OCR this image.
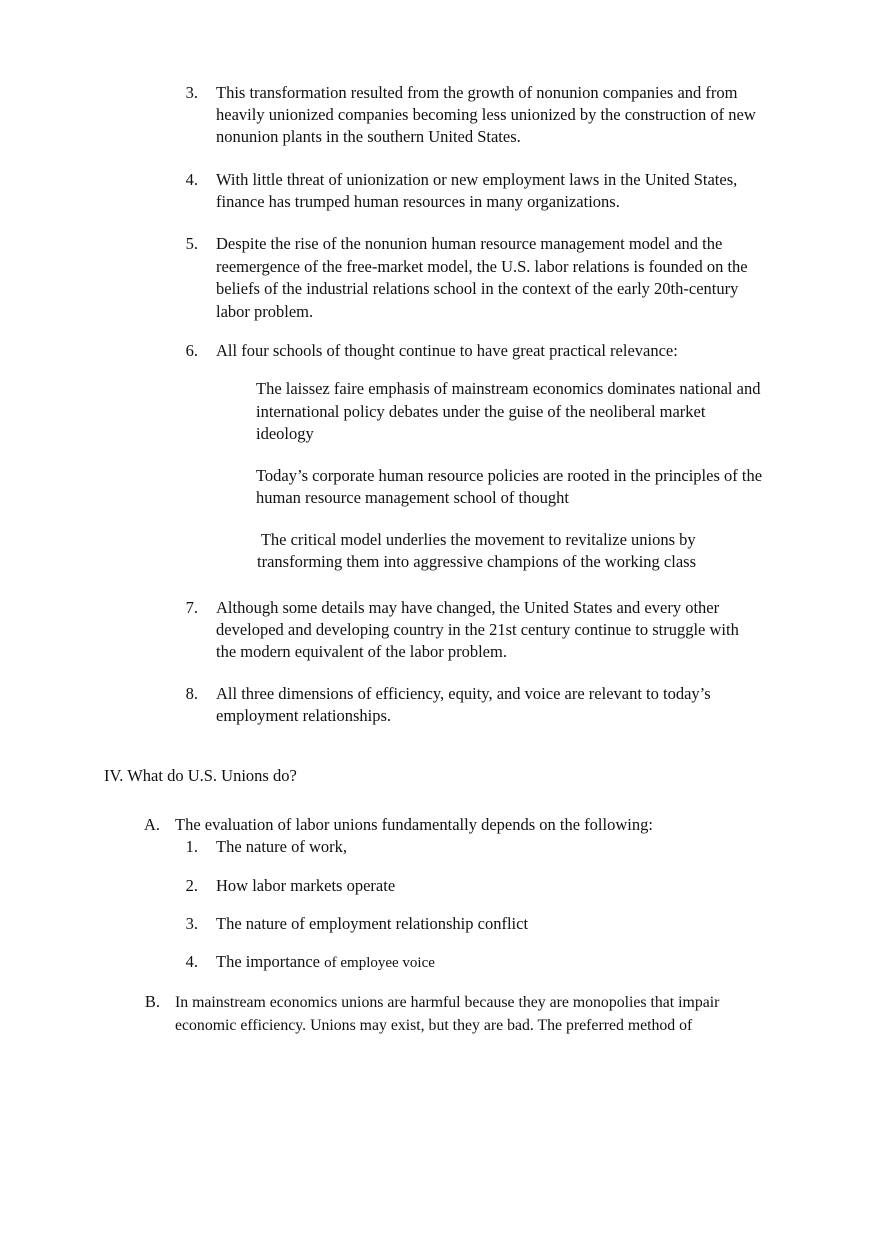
3. This transformation resulted from the growth of nonunion companies and from
heavily unionized companies becoming less unionized by the construction of new
nonunion plants in the southern United States.
4. With little threat of unionization or new employment laws in the United States,
finance has trumped human resources in many organizations.
5. Despite the rise of the nonunion human resource management model and the
reemergence of the free-market model, the U.S. labor relations is founded on the
beliefs of the industrial relations school in the context of the early 20th-century
labor problem.
6. All four schools of thought continue to have great practical relevance:
The laissez faire emphasis of mainstream economics dominates national and
international policy debates under the guise of the neoliberal market
ideology
Today’s corporate human resource policies are rooted in the principles of the
human resource management school of thought
The critical model underlies the movement to revitalize unions by
transforming them into aggressive champions of the working class
7. Although some details may have changed, the United States and every other
developed and developing country in the 21st century continue to struggle with
the modern equivalent of the labor problem.
8. All three dimensions of efficiency, equity, and voice are relevant to today’s
employment relationships.
IV. What do U.S. Unions do?
A. The evaluation of labor unions fundamentally depends on the following:
1. The nature of work,
2. How labor markets operate
3. The nature of employment relationship conflict
4. The importance of employee voice
B. In mainstream economics unions are harmful because they are monopolies that impair
economic efficiency. Unions may exist, but they are bad. The preferred method of
